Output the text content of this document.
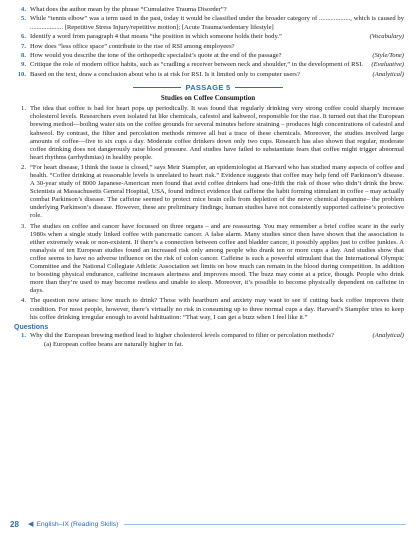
4. What does the author mean by the phrase “Cumulative Trauma Disorder”?
5. While “tennis elbow” was a term used in the past, today it would be classified under the broader category of ..................., which is caused by .................... [Repetitive Stress Injury/repetitive motion]; [Acute Trauma/sedentary lifestyle]
6. Identify a word from paragraph 4 that means “the position in which someone holds their body.”	(Vocabulary)
7. How does “less office space” contribute to the rise of RSI among employees?
8. How would you describe the tone of the orthopedic specialist’s quote at the end of the passage?	(Style/Tone)
9. Critique the role of modern office habits, such as “cradling a receiver between neck and shoulder,” in the development of RSI. (Evaluative)
10. Based on the text, draw a conclusion about who is at risk for RSI. Is it limited only to computer users?	(Analytical)
PASSAGE 5
Studies on Coffee Consumption
1. The idea that coffee is bad for heart pops up periodically. It was found that regularly drinking very strong coffee could sharply increase cholesterol levels. Researchers even isolated fat like chemicals, cafestol and kahweol, responsible for the rise. It turned out that the European brewing method—boiling water sits on the coffee grounds for several minutes before straining – produces high concentrations of cafestol and kahweol. By contrast, the filter and percolation methods remove all but a trace of these chemicals. Moreover, the studies involved large amounts of coffee—five to six cups a day. Moderate coffee drinkers down only two cups. Research has also shown that regular, moderate coffee drinking does not dangerously raise blood pressure. And studies have failed to substantiate fears that coffee might trigger abnormal heart rhythms (arrhythmias) in healthy people.
2. “For heart disease, I think the issue is closed,” says Meir Stampfer, an epidemiologist at Harvard who has studied many aspects of coffee and health. “Coffee drinking at reasonable levels is unrelated to heart risk.” Evidence suggests that coffee may help fend off Parkinson’s disease. A 30-year study of 8000 Japanese-American men found that avid coffee drinkers had one-fifth the risk of those who didn’t drink the brew. Scientists at Massachusetts General Hospital, USA, found indirect evidence that caffeine the habit forming stimulant in coffee – may actually combat Parkinson’s disease. The caffeine seemed to protect mice brain cells from depletion of the nerve chemical dopamine– the problem underlying Parkinson’s disease. However, these are preliminary findings; human studies have not consistently supported caffeine’s protective role.
3. The studies on coffee and cancer have focussed on three organs – and are reassuring. You may remember a brief coffee scare in the early 1980s when a single study linked coffee with pancreatic cancer. A false alarm. Many studies since then have shown that the association is either extremely weak or non-existent. If there’s a connection between coffee and bladder cancer, it possibly applies just to coffee junkies. A reanalysis of ten European studies found an increased risk only among people who drank ten or more cups a day. And studies show that coffee seems to have no adverse influence on the risk of colon cancer. Caffeine is such a powerful stimulant that the International Olympic Committee and the National Collegiate Athletic Association set limits on how much can remain in the blood during competition. In addition to boosting physical endurance, caffeine increases alertness and improves mood. The buzz may come at a price, though. People who drink more than they’re used to may become restless and unable to sleep. Moreover, it’s possible to become physically dependent on caffeine in days.
4. The question now arises: how much to drink? Those with heartburn and anxiety may want to see if cutting back coffee improves their condition. For most people, however, there’s virtually no risk in consuming up to three normal cups a day. Harvard’s Stampfer tries to keep his coffee drinking irregular enough to avoid habituation: “That way, I can get a buzz when I feel like it.”
Questions
1. Why did the European brewing method lead to higher cholesterol levels compared to filter or percolation methods?	(Analytical)
(a) European coffee beans are naturally higher in fat.
28	◀ English–IX (Reading Skills)
